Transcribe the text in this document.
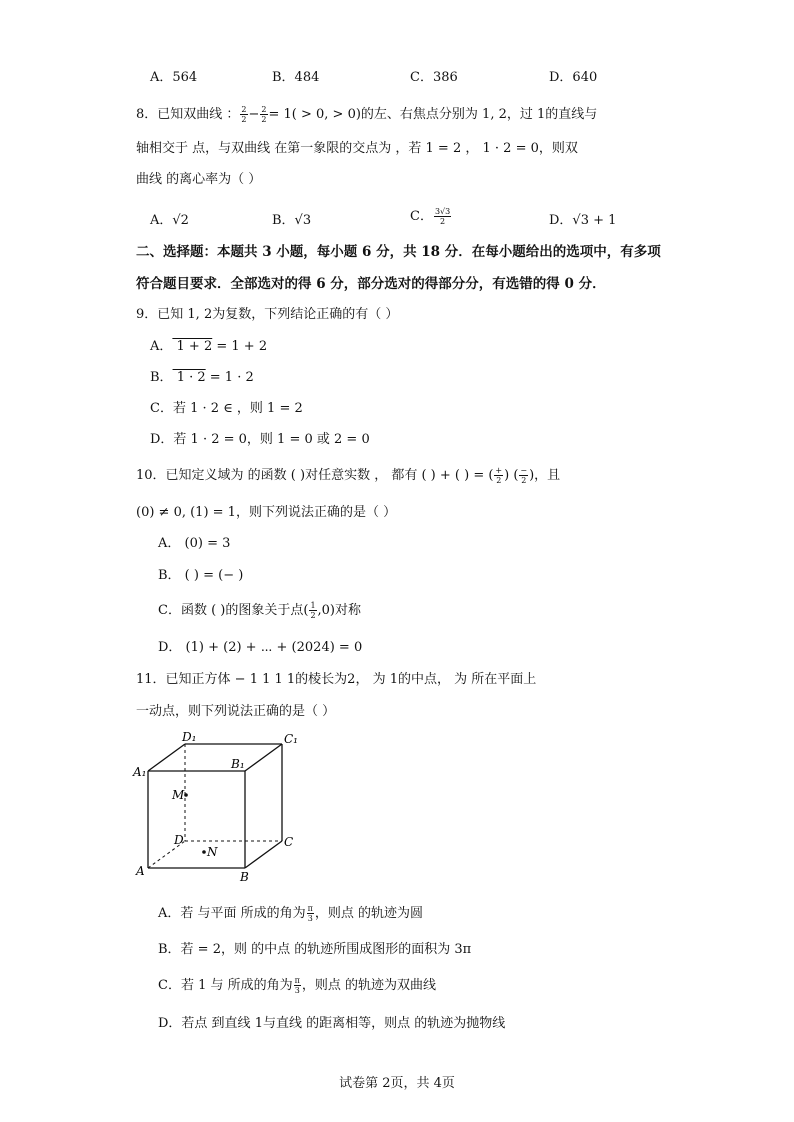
A．564	B．484	C．386	D．640
8．已知双曲线 ： $\frac{2}{2} - \frac{2}{2} = 1( > 0$, > 0)的左、右焦点分别为 1, 2，过 1的直线与
轴相交于 点，与双曲线 在第一象限的交点为 ，若 1 = 2 ， 1 · 2 = 0，则双
曲线 的离心率为（ ）
A．√2	B．√3	C． $\frac{3√3}{2}$	D．√3 + 1
二、选择题：本题共 3 小题，每小题 6 分，共 18 分．在每小题给出的选项中，有多项
符合题目要求．全部选对的得 6 分，部分选对的得部分分，有选错的得 0 分．
9．已知 1, 2为复数，下列结论正确的有（ ）
A． 1 + 2 = 1 + 2
B． 1 · 2 = 1 · 2
C．若 1 · 2 ∈ ，则 1 = 2
D．若 1 · 2 = 0，则 1 = 0 或 2 = 0
10．已知定义域为 的函数 ( )对任意实数 ， 都有 ( ) + ( ) = ( $\frac{+}{2}$ ) ( $\frac{-}{2}$ )，且
(0) ≠ 0, (1) = 1，则下列说法正确的是（ ）
A． (0) = 3
B． ( ) = (− )
C．函数 ( )的图象关于点( $\frac{1}{2} ,0$)对称
D． (1) + (2) + ⋯ + (2024) = 0
11．已知正方体 − 1 1 1 1的棱长为2， 为 1的中点， 为 所在平面上
一动点，则下列说法正确的是（ ）
D₁	C₁
A₁
B₁
M
D	C
N
A	B
A．若 与平面 所成的角为 $\frac{\pi}{3}$ ，则点 的轨迹为圆
B．若 = 2，则 的中点 的轨迹所围成图形的面积为 3π
C．若 1 与 所成的角为 $\frac{\pi}{3}$ ，则点 的轨迹为双曲线
D．若点 到直线 1与直线 的距离相等，则点 的轨迹为抛物线
试卷第 2页，共 4页
